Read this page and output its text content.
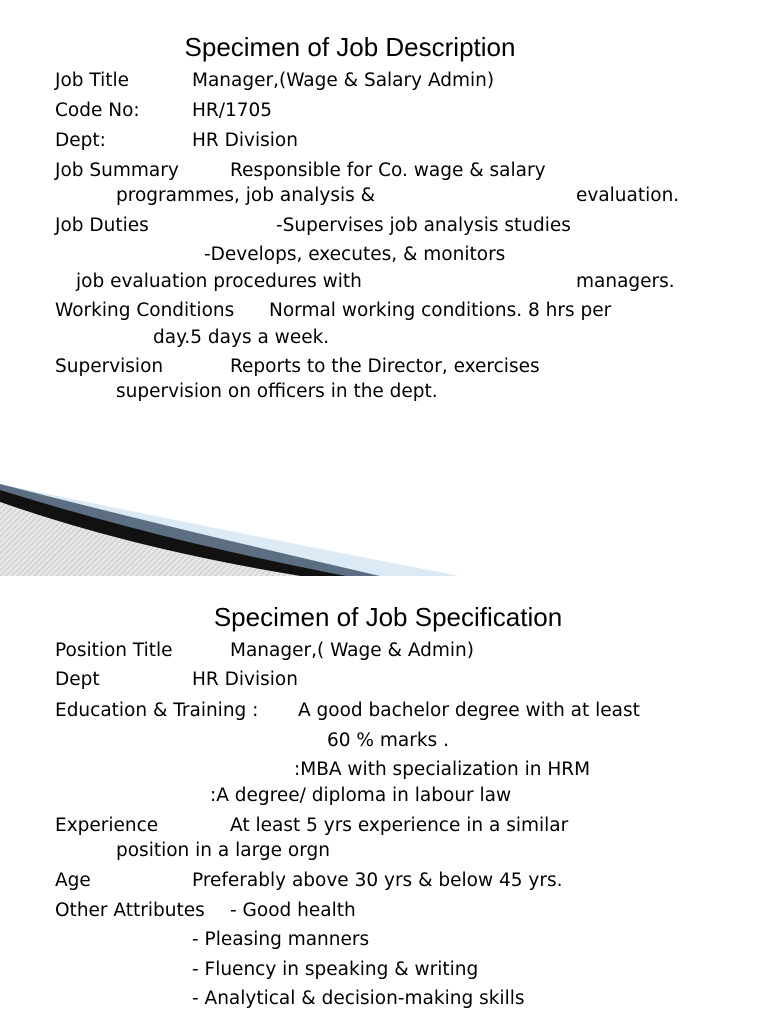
Specimen of Job Description
Job Title	Manager,(Wage & Salary Admin)
Code No:	HR/1705
Dept:	HR Division
Job Summary	Responsible for Co. wage & salary
programmes, job analysis &	evaluation.
Job Duties	-Supervises job analysis studies
-Develops, executes, & monitors
job evaluation procedures with	managers.
Working Conditions Normal working conditions. 8 hrs per
day.5 days a week.
Supervision	Reports to the Director, exercises
supervision on officers in the dept.
Specimen of Job Specification
Position Title	Manager,( Wage & Admin)
Dept	HR Division
Education & Training : A good bachelor degree with at least
60 % marks .
:MBA with specialization in HRM
:A degree/ diploma in labour law
Experience	At least 5 yrs experience in a similar
position in a large orgn
Age	Preferably above 30 yrs & below 45 yrs.
Other Attributes - Good health
- Pleasing manners
- Fluency in speaking & writing
- Analytical & decision-making skills
